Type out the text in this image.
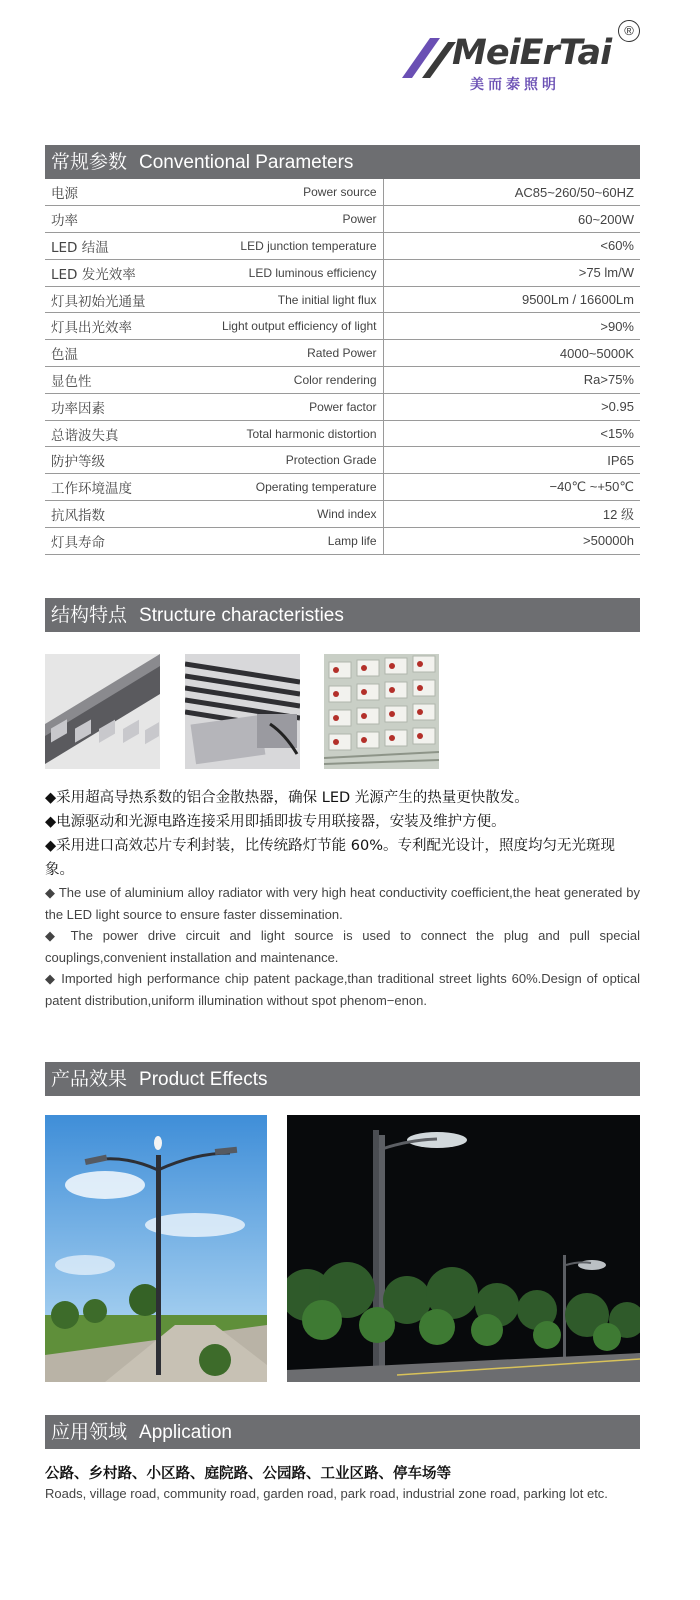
MeiErTai
美而泰照明
®
常规参数 Conventional Parameters
电源	Power source	AC85~260/50~60HZ
功率	Power	60~200W
LED 结温	LED junction temperature	<60%
LED 发光效率	LED luminous efficiency	>75 lm/W
灯具初始光通量	The initial light flux	9500Lm / 16600Lm
灯具出光效率	Light output efficiency of light	>90%
色温	Rated Power	4000~5000K
显色性	Color rendering	Ra>75%
功率因素	Power factor	>0.95
总谐波失真	Total harmonic distortion	<15%
防护等级	Protection Grade	IP65
工作环境温度	Operating temperature	−40℃ ~+50℃
抗风指数	Wind index	12 级
灯具寿命	Lamp life	>50000h
结构特点 Structure characteristies
◆采用超高导热系数的铝合金散热器，确保 LED 光源产生的热量更快散发。
◆电源驱动和光源电路连接采用即插即拔专用联接器，安装及维护方便。
◆采用进口高效芯片专利封装，比传统路灯节能 60%。专利配光设计，照度均匀无光斑现象。
◆ The use of aluminium alloy radiator with very high heat conductivity coefficient,the heat generated by the LED light source to ensure faster dissemination.
◆ The power drive circuit and light source is used to connect the plug and pull special couplings,convenient installation and maintenance.
◆ Imported high performance chip patent package,than traditional street lights 60%.Design of optical patent distribution,uniform illumination without spot phenom−enon.
产品效果 Product Effects
应用领域 Application
公路、乡村路、小区路、庭院路、公园路、工业区路、停车场等
Roads, village road, community road, garden road, park road, industrial zone road, parking lot etc.
